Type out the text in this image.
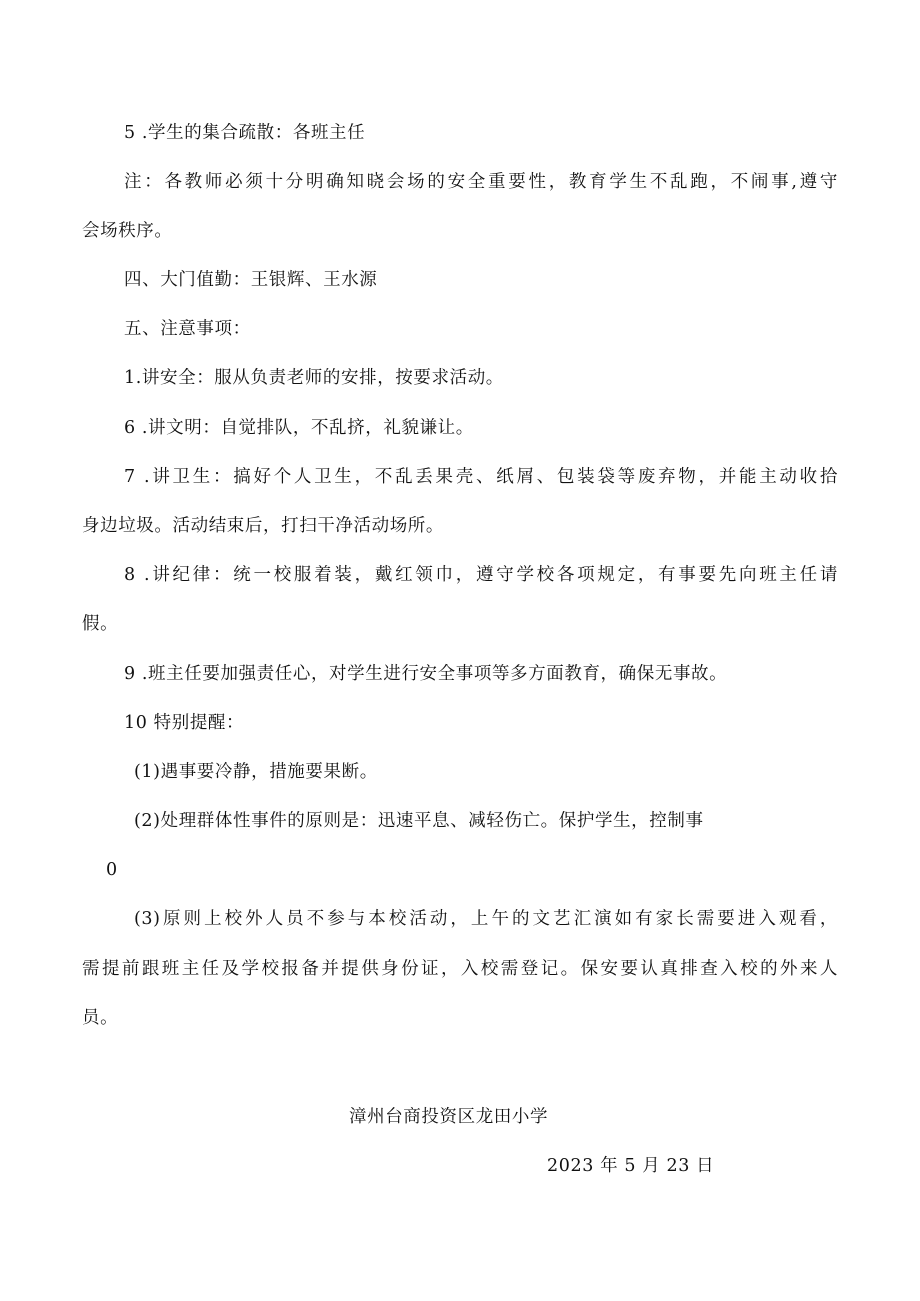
5 .学生的集合疏散：各班主任
注：各教师必须十分明确知晓会场的安全重要性，教育学生不乱跑，不闹事,遵守
会场秩序。
四、大门值勤：王银辉、王水源
五、注意事项：
1.讲安全：服从负责老师的安排，按要求活动。
6 .讲文明：自觉排队，不乱挤，礼貌谦让。
7 .讲卫生：搞好个人卫生，不乱丢果壳、纸屑、包装袋等废弃物，并能主动收拾
身边垃圾。活动结束后，打扫干净活动场所。
8 .讲纪律：统一校服着装，戴红领巾，遵守学校各项规定，有事要先向班主任请
假。
9 .班主任要加强责任心，对学生进行安全事项等多方面教育，确保无事故。
10 特别提醒：
(1)遇事要冷静，措施要果断。
(2)处理群体性事件的原则是：迅速平息、减轻伤亡。保护学生，控制事
0
(3)原则上校外人员不参与本校活动，上午的文艺汇演如有家长需要进入观看，
需提前跟班主任及学校报备并提供身份证，入校需登记。保安要认真排查入校的外来人
员。
漳州台商投资区龙田小学
2023 年 5 月 23 日
